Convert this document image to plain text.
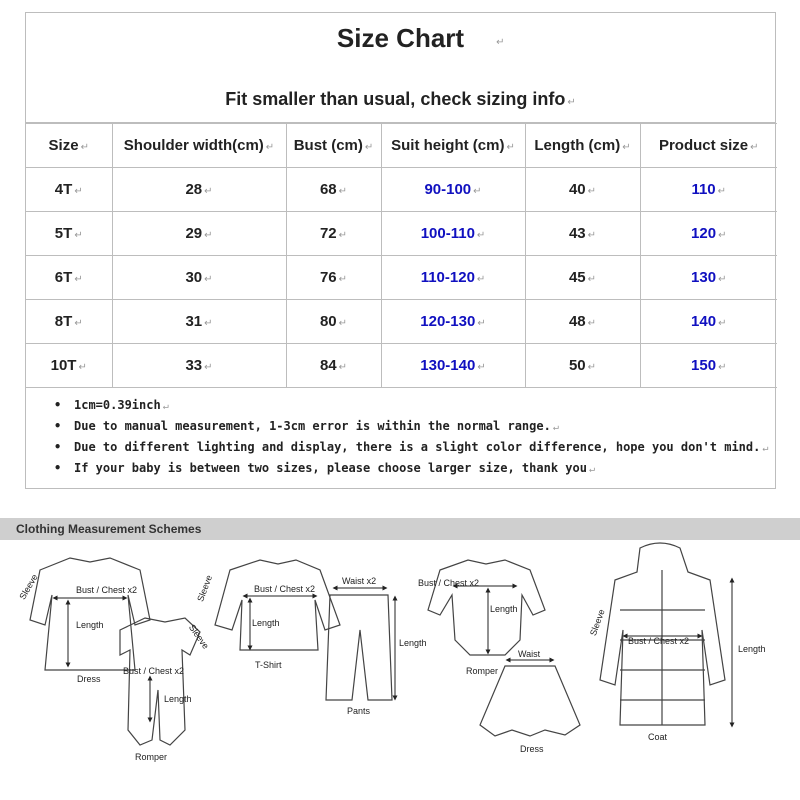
Size Chart	↵
Fit smaller than usual, check sizing info ↵
Size ↵	Shoulder width(cm) ↵	Bust (cm) ↵	Suit height (cm) ↵	Length (cm) ↵	Product size ↵
4T ↵	28 ↵	68 ↵	90-100 ↵	40 ↵	110 ↵
5T ↵	29 ↵	72 ↵	100-110 ↵	43 ↵	120 ↵
6T ↵	30 ↵	76 ↵	110-120 ↵	45 ↵	130 ↵
8T ↵	31 ↵	80 ↵	120-130 ↵	48 ↵	140 ↵
10T ↵	33 ↵	84 ↵	130-140 ↵	50 ↵	150 ↵
• 1cm=0.39inch ↵
• Due to manual measurement, 1-3cm error is within the normal range. ↵
• Due to different lighting and display, there is a slight color difference, hope you don't mind. ↵
• If your baby is between two sizes, please choose larger size, thank you ↵
Clothing Measurement Schemes
Sleeve	Bust / Chest x2
Length
Dress
Bust / Chest x2
Length
Sleeve
Romper
Sleeve	Bust / Chest x2
Length
T-Shirt
Waist x2
Length
Pants
Bust / Chest x2
Length
Romper
Waist
Dress
Sleeve
Bust / Chest x2
Length
Coat
